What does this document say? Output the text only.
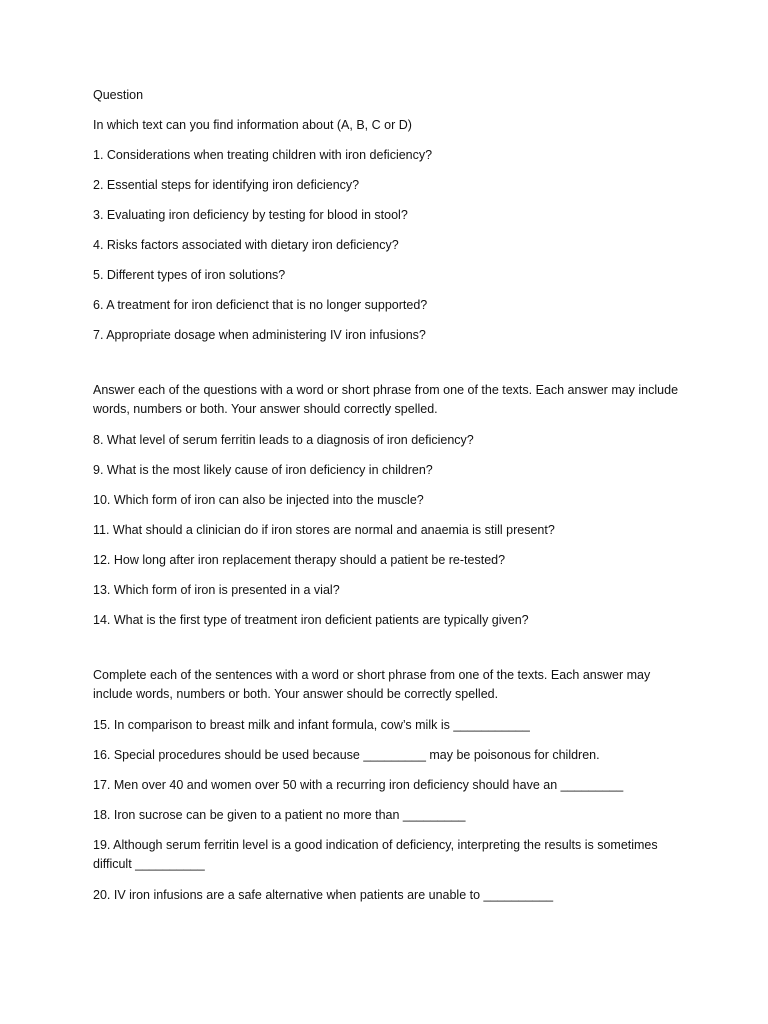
Question

In which text can you find information about (A, B, C or D)

1. Considerations when treating children with iron deficiency?

2. Essential steps for identifying iron deficiency?

3. Evaluating iron deficiency by testing for blood in stool?

4. Risks factors associated with dietary iron deficiency?

5. Different types of iron solutions?

6. A treatment for iron deficienct that is no longer supported?

7. Appropriate dosage when administering IV iron infusions?

Answer each of the questions with a word or short phrase from one of the texts. Each answer may include words, numbers or both. Your answer should correctly spelled.

8. What level of serum ferritin leads to a diagnosis of iron deficiency?

9. What is the most likely cause of iron deficiency in children?

10. Which form of iron can also be injected into the muscle?

11. What should a clinician do if iron stores are normal and anaemia is still present?

12. How long after iron replacement therapy should a patient be re-tested?

13. Which form of iron is presented in a vial?

14. What is the first type of treatment iron deficient patients are typically given?

Complete each of the sentences with a word or short phrase from one of the texts. Each answer may include words, numbers or both. Your answer should be correctly spelled.

15. In comparison to breast milk and infant formula, cow’s milk is ___________

16. Special procedures should be used because _________ may be poisonous for children.

17. Men over 40 and women over 50 with a recurring iron deficiency should have an _________

18. Iron sucrose can be given to a patient no more than _________

19. Although serum ferritin level is a good indication of deficiency, interpreting the results is sometimes difficult __________

20. IV iron infusions are a safe alternative when patients are unable to __________
